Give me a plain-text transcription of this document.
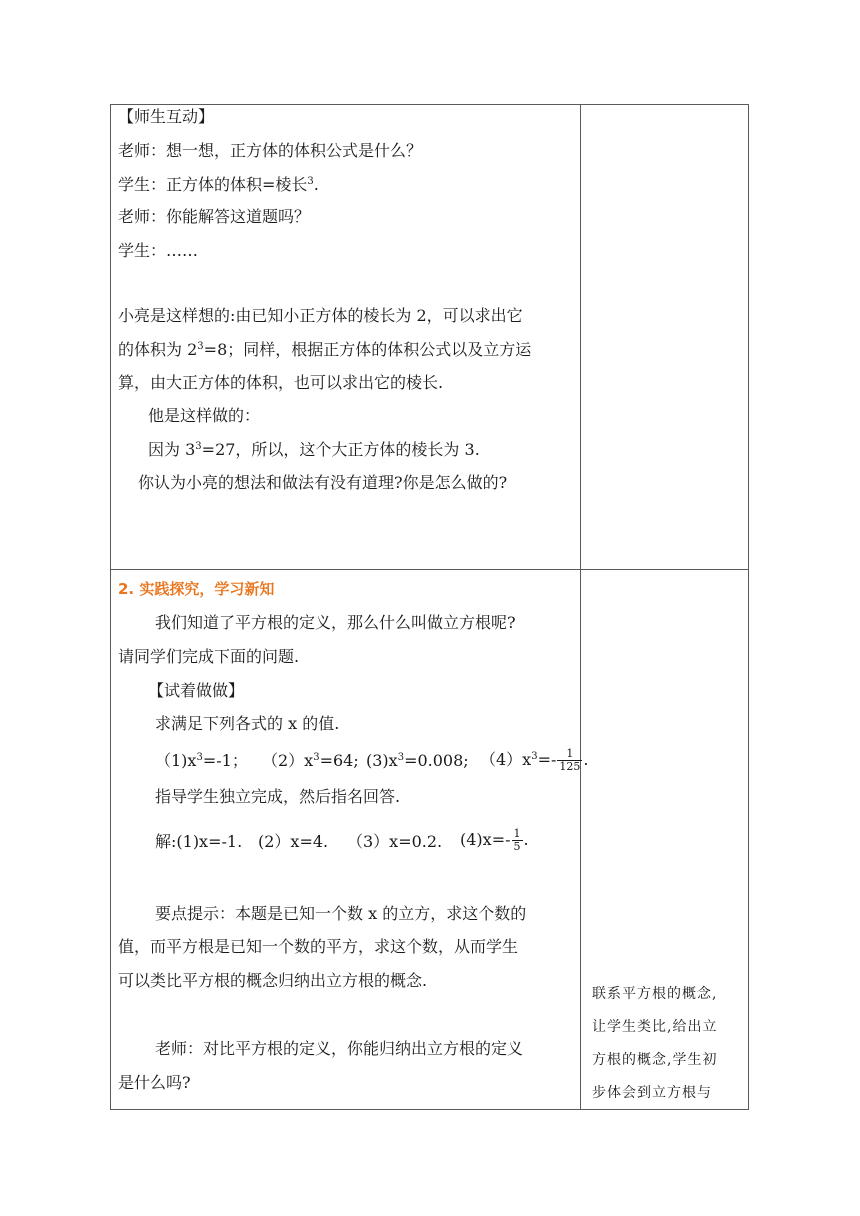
【师生互动】
老师：想一想，正方体的体积公式是什么？
学生：正方体的体积=棱长$^3$.
老师：你能解答这道题吗？
学生：……
小亮是这样想的:由已知小正方体的棱长为 2，可以求出它
的体积为 $2^3=8$；同样，根据正方体的体积公式以及立方运
算，由大正方体的体积，也可以求出它的棱长.
他是这样做的：
因为 $3^3=27$，所以，这个大正方体的棱长为 3.
你认为小亮的想法和做法有没有道理?你是怎么做的?
2. 实践探究，学习新知
我们知道了平方根的定义，那么什么叫做立方根呢?
请同学们完成下面的问题.
【试着做做】
求满足下列各式的 x 的值.
$(1)x^3=-1$； $(2)x^3=64$; $(3)x^3=0.008$; $(4)x^3=- \frac{1}{125}$ .
指导学生独立完成，然后指名回答.
解:(1)x=-1. (2）x=4. （3）x=0.2. $(4)x=- \frac{1}{5}$ .
要点提示：本题是已知一个数 x 的立方，求这个数的
值，而平方根是已知一个数的平方，求这个数，从而学生
可以类比平方根的概念归纳出立方根的概念.
老师：对比平方根的定义，你能归纳出立方根的定义
是什么吗?
联系平方根的概念,
让学生类比,给出立
方根的概念,学生初
步体会到立方根与
